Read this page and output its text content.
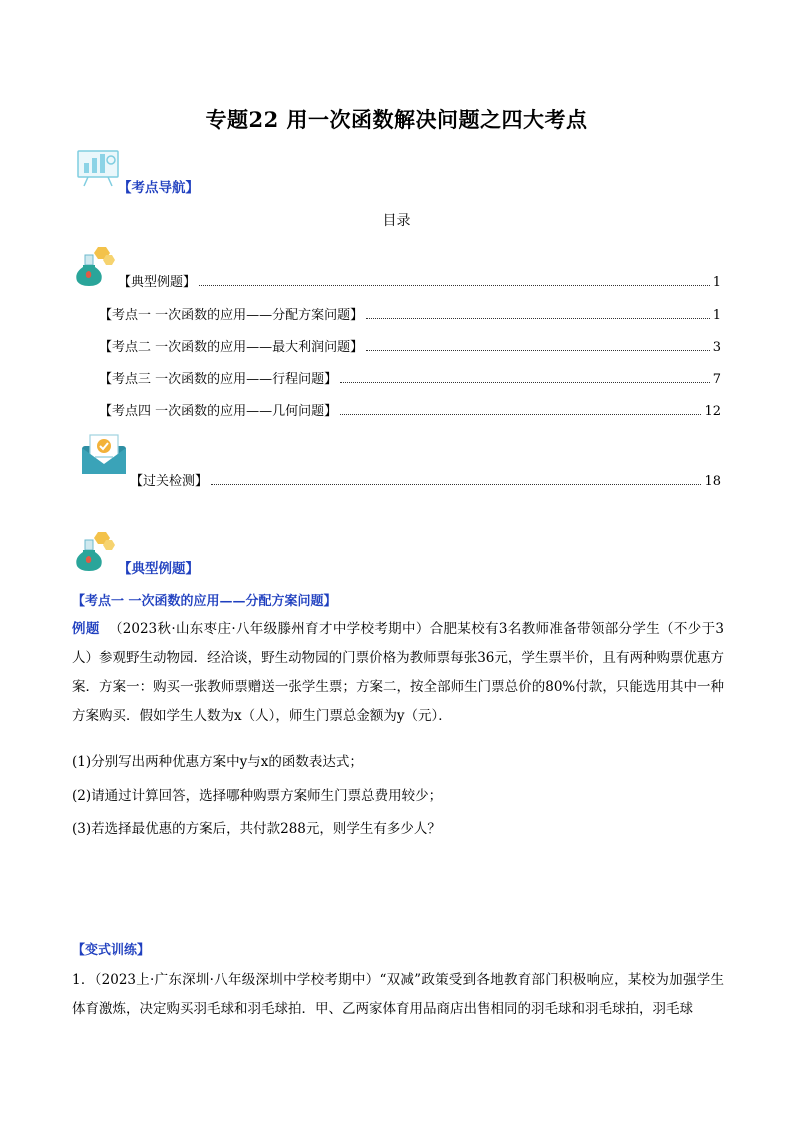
专题22 用一次函数解决问题之四大考点
【考点导航】
目录
【典型例题】	1
【考点一 一次函数的应用——分配方案问题】	1
【考点二 一次函数的应用——最大利润问题】	3
【考点三 一次函数的应用——行程问题】	7
【考点四 一次函数的应用——几何问题】	12
【过关检测】	18
【典型例题】
【考点一 一次函数的应用——分配方案问题】
例题 （2023秋·山东枣庄·八年级滕州育才中学校考期中）合肥某校有3名教师准备带领部分学生（不少于3人）参观野生动物园．经洽谈，野生动物园的门票价格为教师票每张36元，学生票半价，且有两种购票优惠方案．方案一：购买一张教师票赠送一张学生票；方案二，按全部师生门票总价的80%付款，只能选用其中一种方案购买．假如学生人数为x（人），师生门票总金额为y（元）．
(1)分别写出两种优惠方案中y与x的函数表达式；
(2)请通过计算回答，选择哪种购票方案师生门票总费用较少；
(3)若选择最优惠的方案后，共付款288元，则学生有多少人？
【变式训练】
1．（2023上·广东深圳·八年级深圳中学校考期中）“双减”政策受到各地教育部门积极响应，某校为加强学生体育激炼，决定购买羽毛球和羽毛球拍．甲、乙两家体育用品商店出售相同的羽毛球和羽毛球拍，羽毛球
